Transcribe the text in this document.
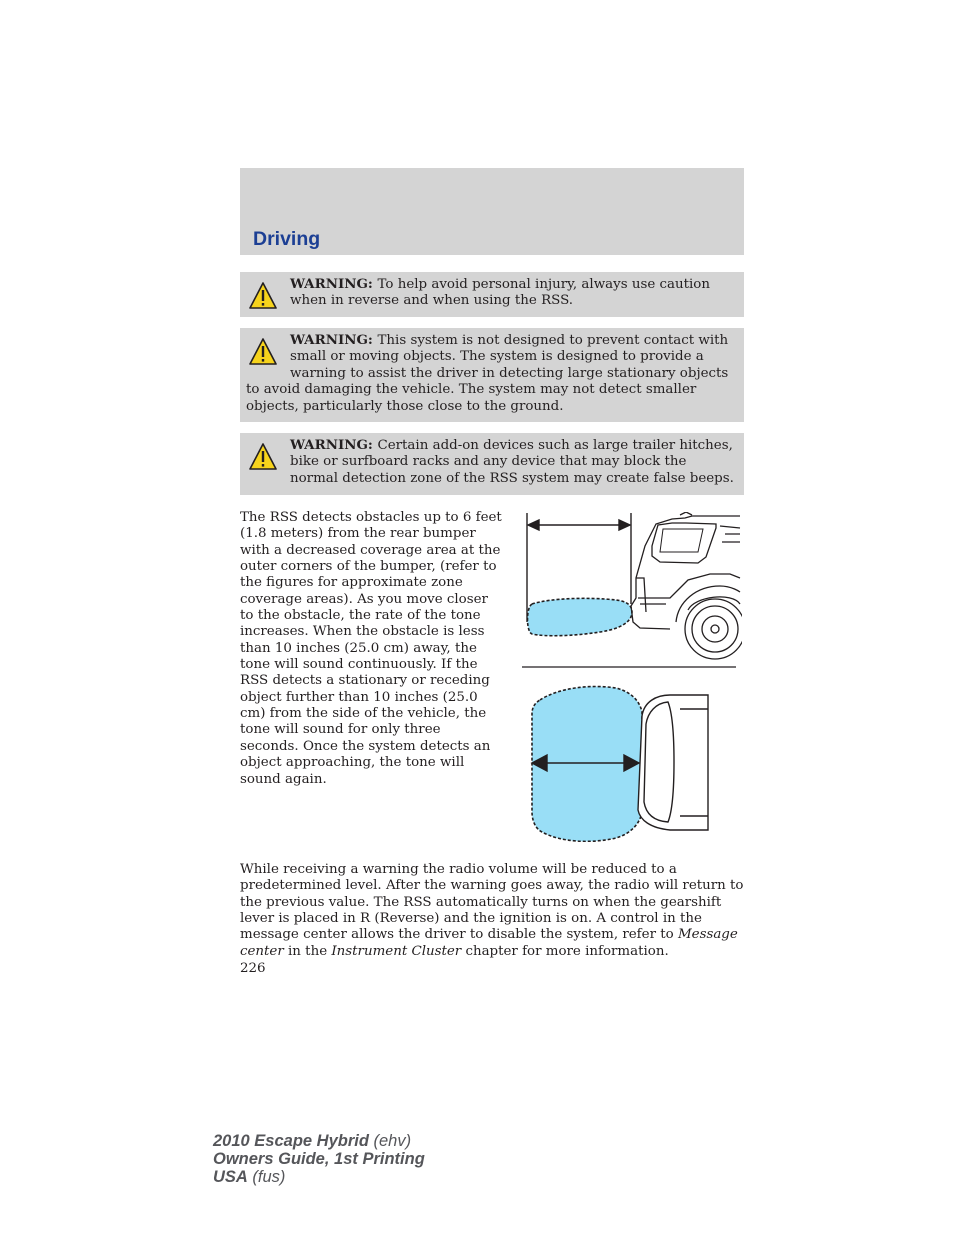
Driving
WARNING: To help avoid personal injury, always use caution when in reverse and when using the RSS.
WARNING: This system is not designed to prevent contact with small or moving objects. The system is designed to provide a warning to assist the driver in detecting large stationary objects to avoid damaging the vehicle. The system may not detect smaller objects, particularly those close to the ground.
WARNING: Certain add-on devices such as large trailer hitches, bike or surfboard racks and any device that may block the normal detection zone of the RSS system may create false beeps.
The RSS detects obstacles up to 6 feet (1.8 meters) from the rear bumper with a decreased coverage area at the outer corners of the bumper, (refer to the figures for approximate zone coverage areas). As you move closer to the obstacle, the rate of the tone increases. When the obstacle is less than 10 inches (25.0 cm) away, the tone will sound continuously. If the RSS detects a stationary or receding object further than 10 inches (25.0 cm) from the side of the vehicle, the tone will sound for only three seconds. Once the system detects an object approaching, the tone will sound again.
While receiving a warning the radio volume will be reduced to a predetermined level. After the warning goes away, the radio will return to the previous value. The RSS automatically turns on when the gearshift lever is placed in R (Reverse) and the ignition is on. A control in the message center allows the driver to disable the system, refer to Message center in the Instrument Cluster chapter for more information.
226
2010 Escape Hybrid (ehv)
Owners Guide, 1st Printing
USA (fus)
